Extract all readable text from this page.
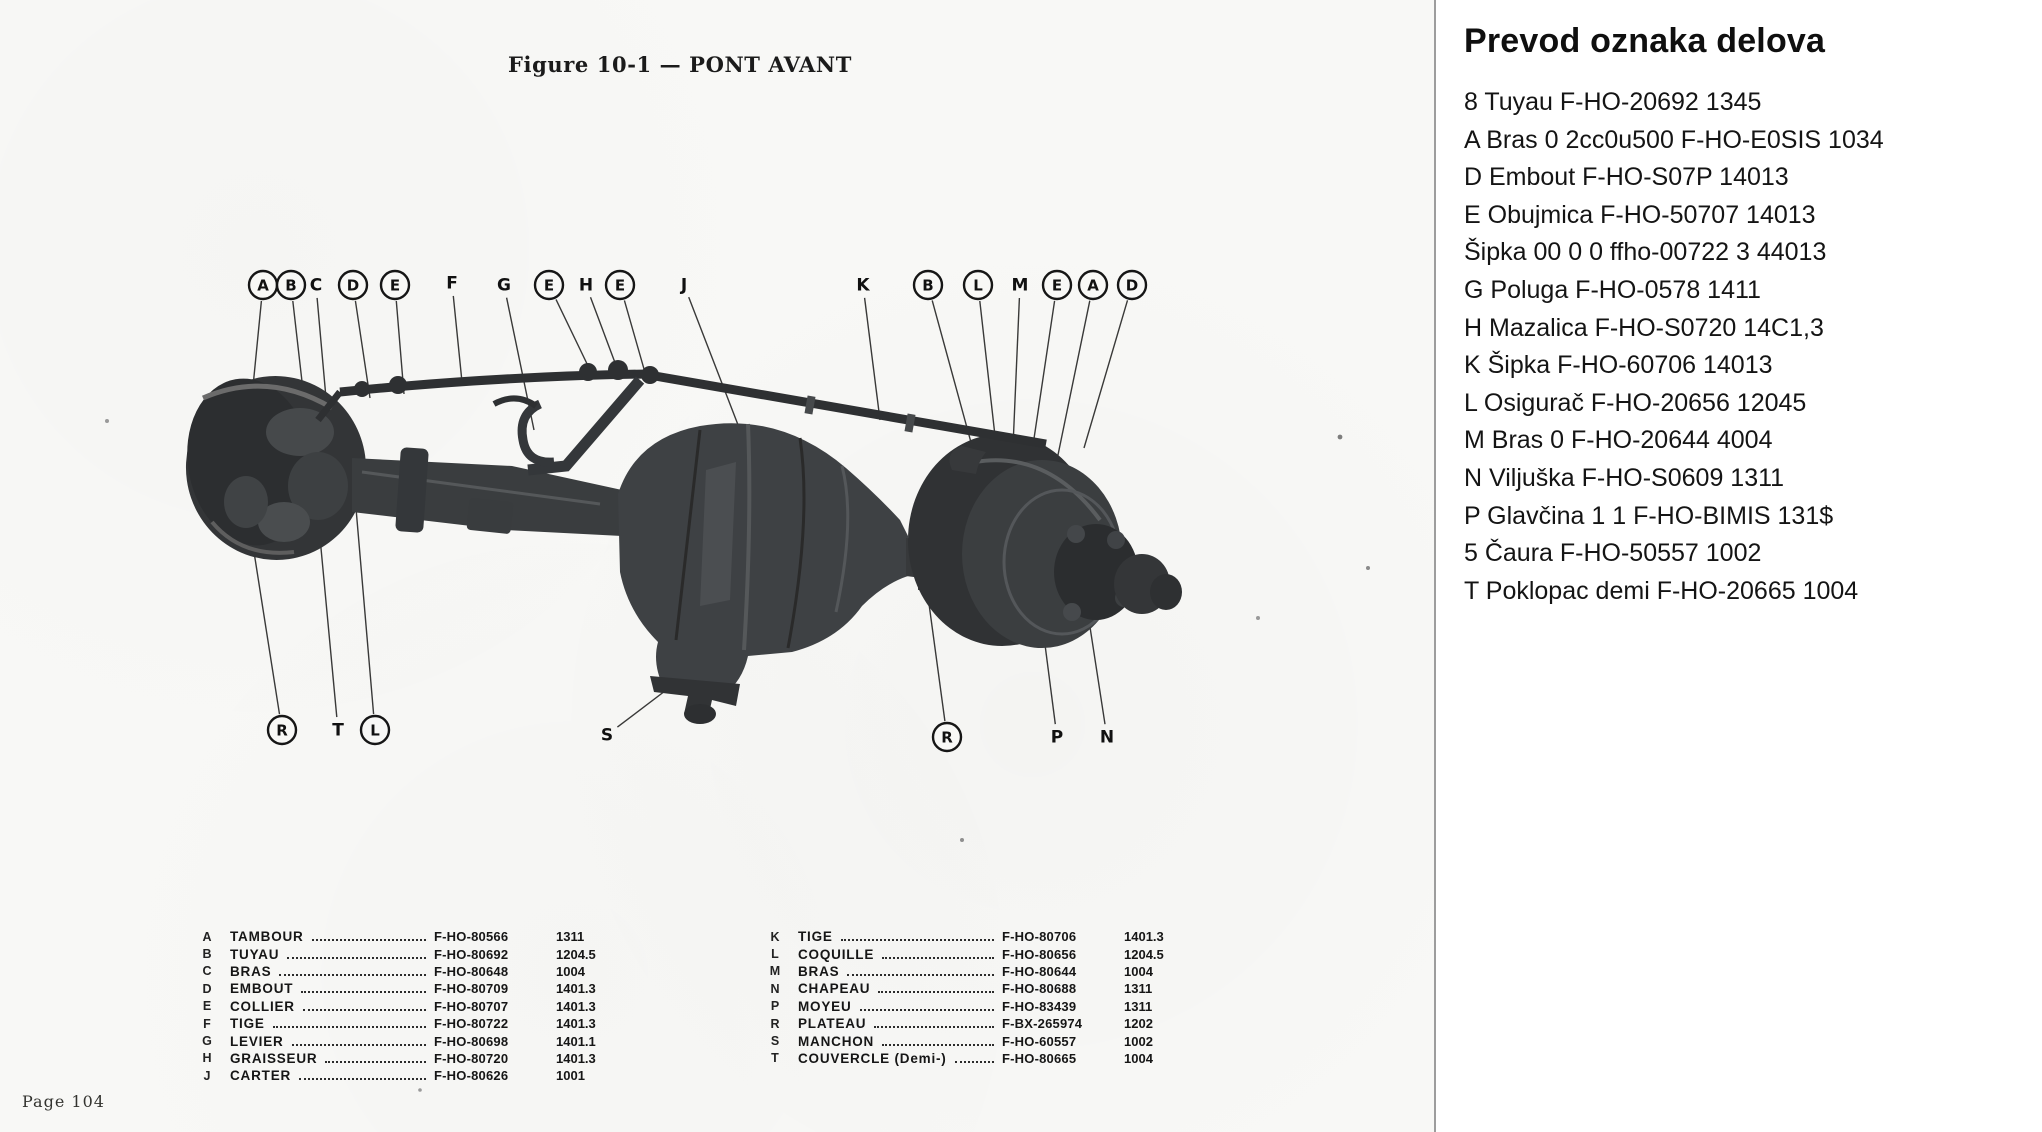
Figure 10-1 — PONT AVANT
A B C D E	F G E H E	J	K	B	L M E A D
R	T L	S	R	P N
A	TAMBOUR	F-HO-80566	1311
B	TUYAU	F-HO-80692	1204.5
C	BRAS	F-HO-80648	1004
D	EMBOUT	F-HO-80709	1401.3
E	COLLIER	F-HO-80707	1401.3
F	TIGE	F-HO-80722	1401.3
G	LEVIER	F-HO-80698	1401.1
H	GRAISSEUR	F-HO-80720	1401.3
J	CARTER	F-HO-80626	1001
K	TIGE	F-HO-80706	1401.3
L	COQUILLE	F-HO-80656	1204.5
M	BRAS	F-HO-80644	1004
N	CHAPEAU	F-HO-80688	1311
P	MOYEU	F-HO-83439	1311
R	PLATEAU	F-BX-265974	1202
S	MANCHON	F-HO-60557	1002
T	COUVERCLE (Demi-)	F-HO-80665	1004
Page 104
Prevod oznaka delova
8 Tuyau F-HO-20692 1345
A Bras 0 2cc0u500 F-HO-E0SIS 1034
D Embout F-HO-S07P 14013
E Obujmica F-HO-50707 14013
Šipka 00 0 0 ffho-00722 3 44013
G Poluga F-HO-0578 1411
H Mazalica F-HO-S0720 14C1,3
K Šipka F-HO-60706 14013
L Osigurač F-HO-20656 12045
M Bras 0 F-HO-20644 4004
N Viljuška F-HO-S0609 1311
P Glavčina 1 1 F-HO-BIMIS 131$
5 Čaura F-HO-50557 1002
T Poklopac demi F-HO-20665 1004
